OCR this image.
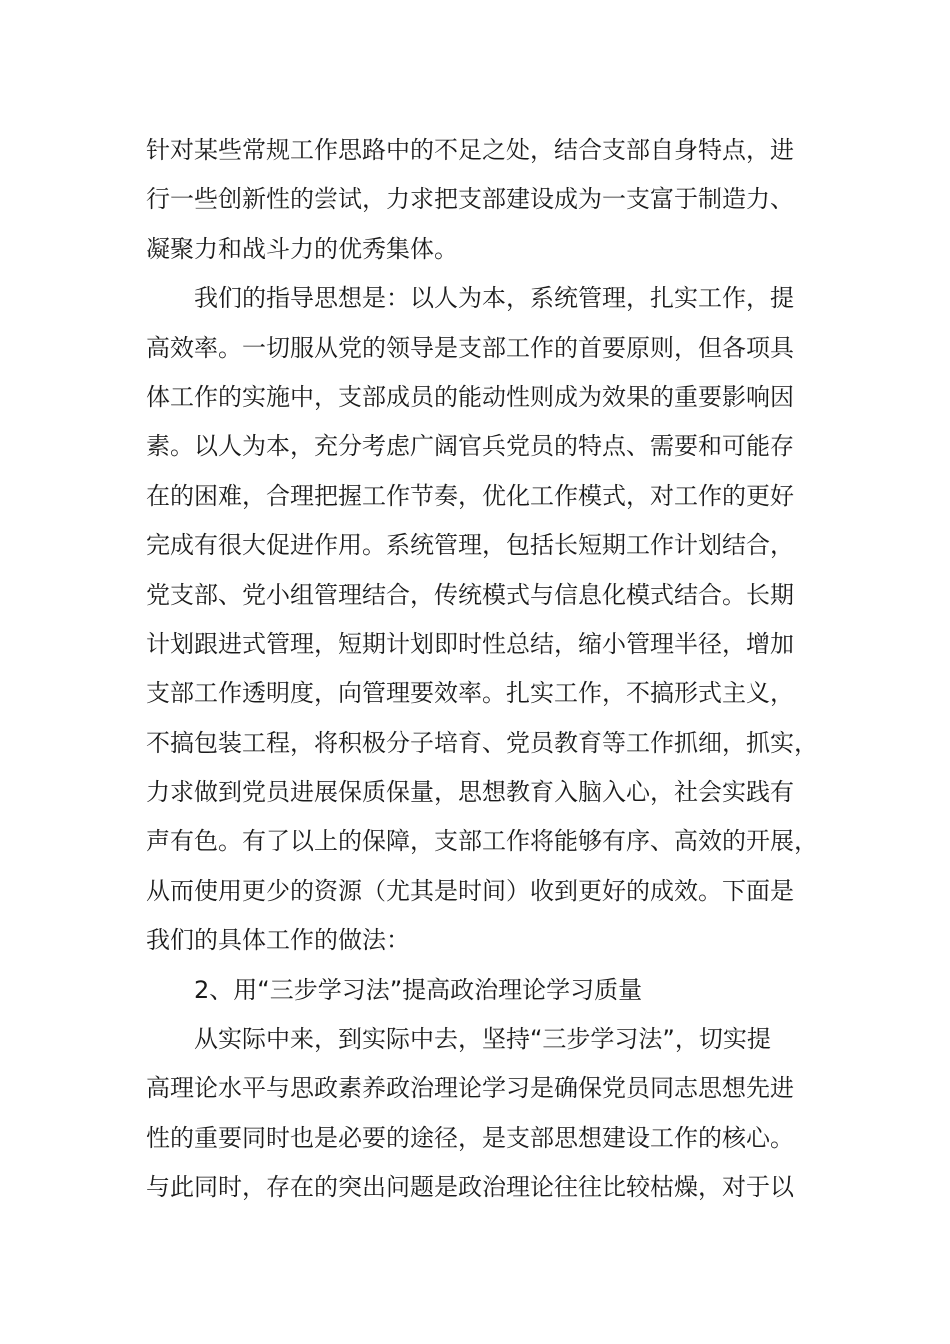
针对某些常规工作思路中的不足之处，结合支部自身特点，进
行一些创新性的尝试，力求把支部建设成为一支富于制造力、
凝聚力和战斗力的优秀集体。
我们的指导思想是：以人为本，系统管理，扎实工作，提
高效率。一切服从党的领导是支部工作的首要原则，但各项具
体工作的实施中，支部成员的能动性则成为效果的重要影响因
素。以人为本，充分考虑广阔官兵党员的特点、需要和可能存
在的困难，合理把握工作节奏，优化工作模式，对工作的更好
完成有很大促进作用。系统管理，包括长短期工作计划结合，
党支部、党小组管理结合，传统模式与信息化模式结合。长期
计划跟进式管理，短期计划即时性总结，缩小管理半径，增加
支部工作透明度，向管理要效率。扎实工作，不搞形式主义，
不搞包装工程，将积极分子培育、党员教育等工作抓细，抓实，
力求做到党员进展保质保量，思想教育入脑入心，社会实践有
声有色。有了以上的保障，支部工作将能够有序、高效的开展，
从而使用更少的资源（尤其是时间）收到更好的成效。下面是
我们的具体工作的做法：
2、用“三步学习法”提高政治理论学习质量
从实际中来，到实际中去，坚持“三步学习法”，切实提
高理论水平与思政素养政治理论学习是确保党员同志思想先进
性的重要同时也是必要的途径，是支部思想建设工作的核心。
与此同时，存在的突出问题是政治理论往往比较枯燥，对于以
